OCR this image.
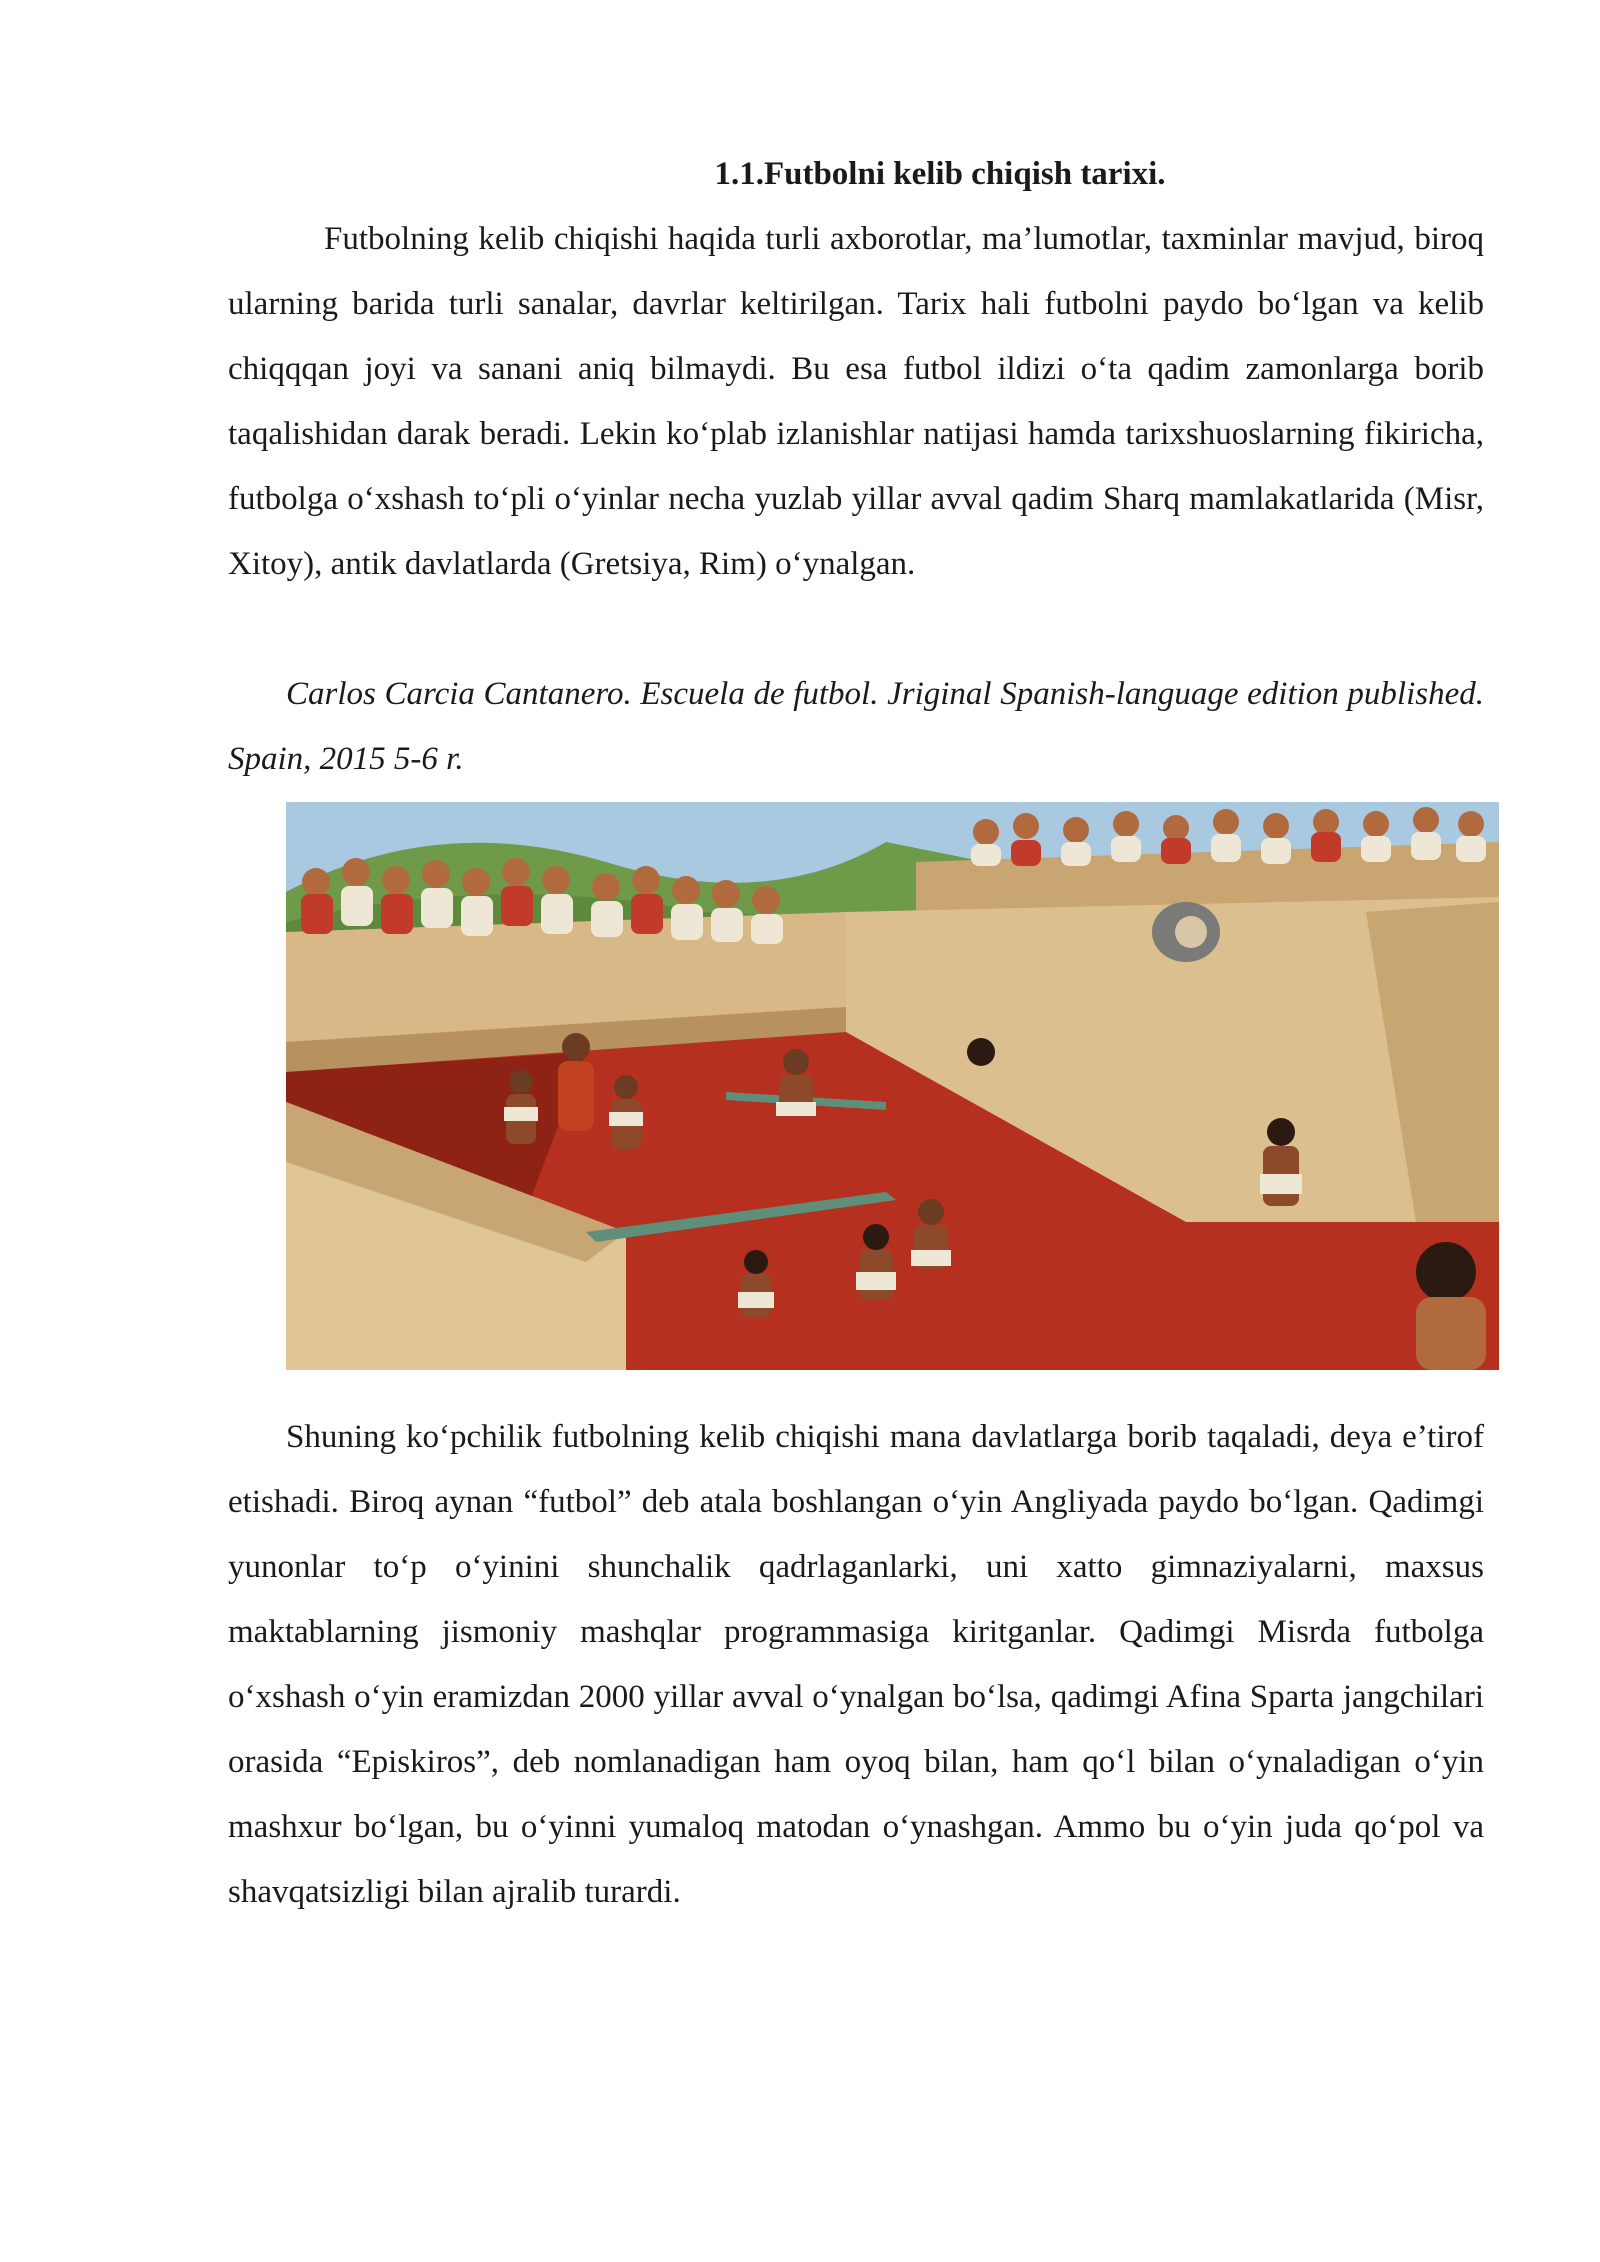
1.1.Futbolni kelib chiqish tarixi.

Futbolning kelib chiqishi haqida turli axborotlar, ma’lumotlar, taxminlar mavjud, biroq ularning barida turli sanalar, davrlar keltirilgan. Tarix hali futbolni paydo bo‘lgan va kelib chiqqqan joyi va sanani aniq bilmaydi. Bu esa futbol ildizi o‘ta qadim zamonlarga borib taqalishidan darak beradi. Lekin ko‘plab izlanishlar natijasi hamda tarixshuoslarning fikiricha, futbolga o‘xshash to‘pli o‘yinlar necha yuzlab yillar avval qadim Sharq mamlakatlarida (Misr, Xitoy), antik davlatlarda (Gretsiya, Rim) o‘ynalgan.

Carlos Carcia Cantanero. Escuela de futbol. Jriginal Spanish-language edition published. Spain, 2015 5-6 r.

Shuning ko‘pchilik futbolning kelib chiqishi mana davlatlarga borib taqaladi, deya e’tirof etishadi. Biroq aynan “futbol” deb atala boshlangan o‘yin Angliyada paydo bo‘lgan. Qadimgi yunonlar to‘p o‘yinini shunchalik qadrlaganlarki, uni xatto gimnaziyalarni, maxsus maktablarning jismoniy mashqlar programmasiga kiritganlar. Qadimgi Misrda futbolga o‘xshash o‘yin eramizdan 2000 yillar avval o‘ynalgan bo‘lsa, qadimgi Afina Sparta jangchilari orasida “Episkiros”, deb nomlanadigan ham oyoq bilan, ham qo‘l bilan o‘ynaladigan o‘yin mashxur bo‘lgan, bu o‘yinni yumaloq matodan o‘ynashgan. Ammo bu o‘yin juda qo‘pol va shavqatsizligi bilan ajralib turardi.
